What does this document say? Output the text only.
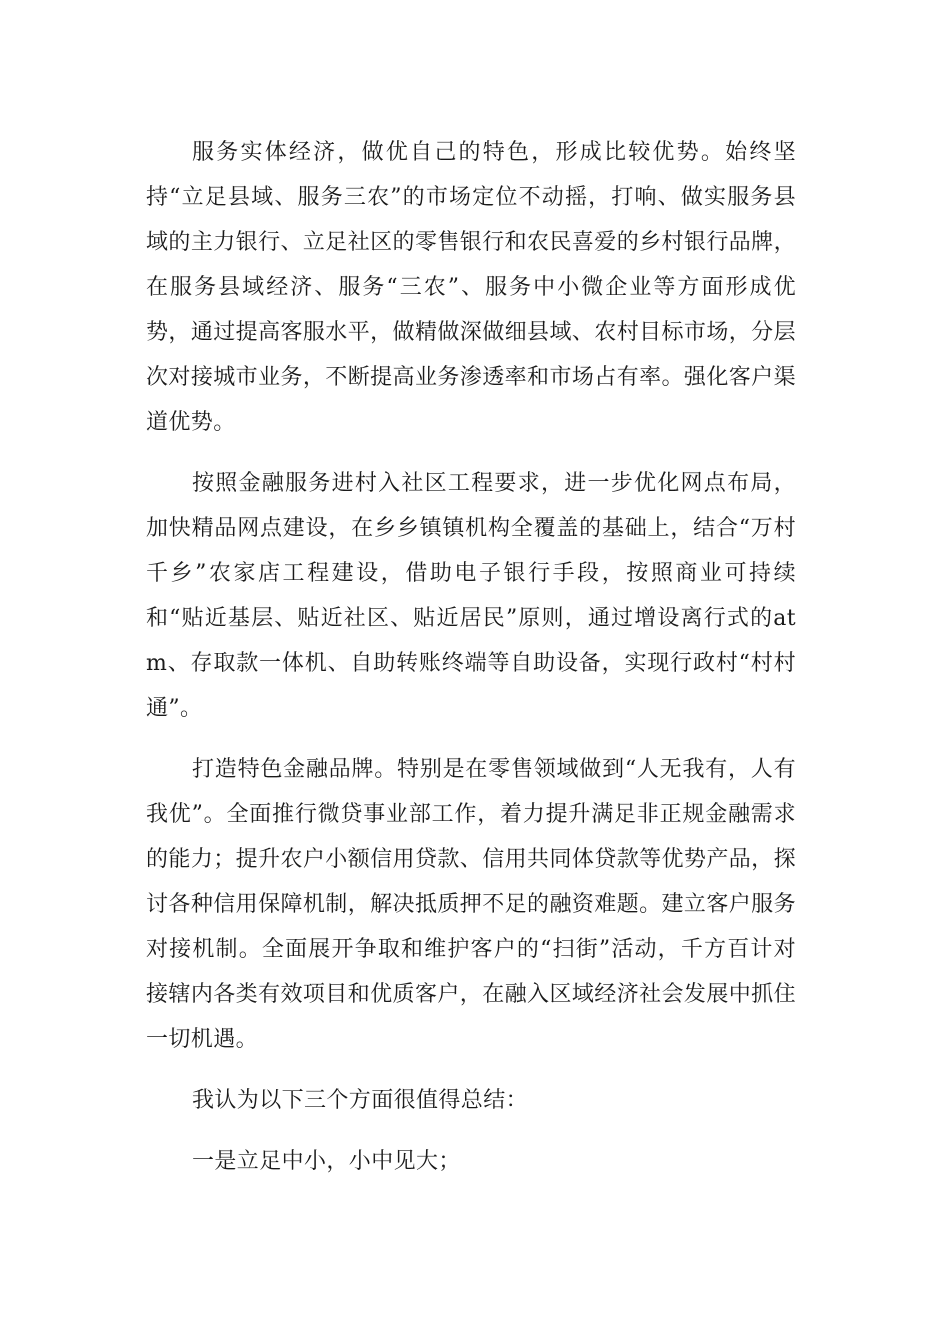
服务实体经济，做优自己的特色，形成比较优势。始终坚持“立足县域、服务三农”的市场定位不动摇，打响、做实服务县域的主力银行、立足社区的零售银行和农民喜爱的乡村银行品牌，在服务县域经济、服务“三农”、服务中小微企业等方面形成优势，通过提高客服水平，做精做深做细县域、农村目标市场，分层次对接城市业务，不断提高业务渗透率和市场占有率。强化客户渠道优势。

按照金融服务进村入社区工程要求，进一步优化网点布局，加快精品网点建设，在乡乡镇镇机构全覆盖的基础上，结合“万村千乡”农家店工程建设，借助电子银行手段，按照商业可持续和“贴近基层、贴近社区、贴近居民”原则，通过增设离行式的atm、存取款一体机、自助转账终端等自助设备，实现行政村“村村通”。

打造特色金融品牌。特别是在零售领域做到“人无我有，人有我优”。全面推行微贷事业部工作，着力提升满足非正规金融需求的能力；提升农户小额信用贷款、信用共同体贷款等优势产品，探讨各种信用保障机制，解决抵质押不足的融资难题。建立客户服务对接机制。全面展开争取和维护客户的“扫街”活动，千方百计对接辖内各类有效项目和优质客户，在融入区域经济社会发展中抓住一切机遇。

我认为以下三个方面很值得总结：

一是立足中小，小中见大；
